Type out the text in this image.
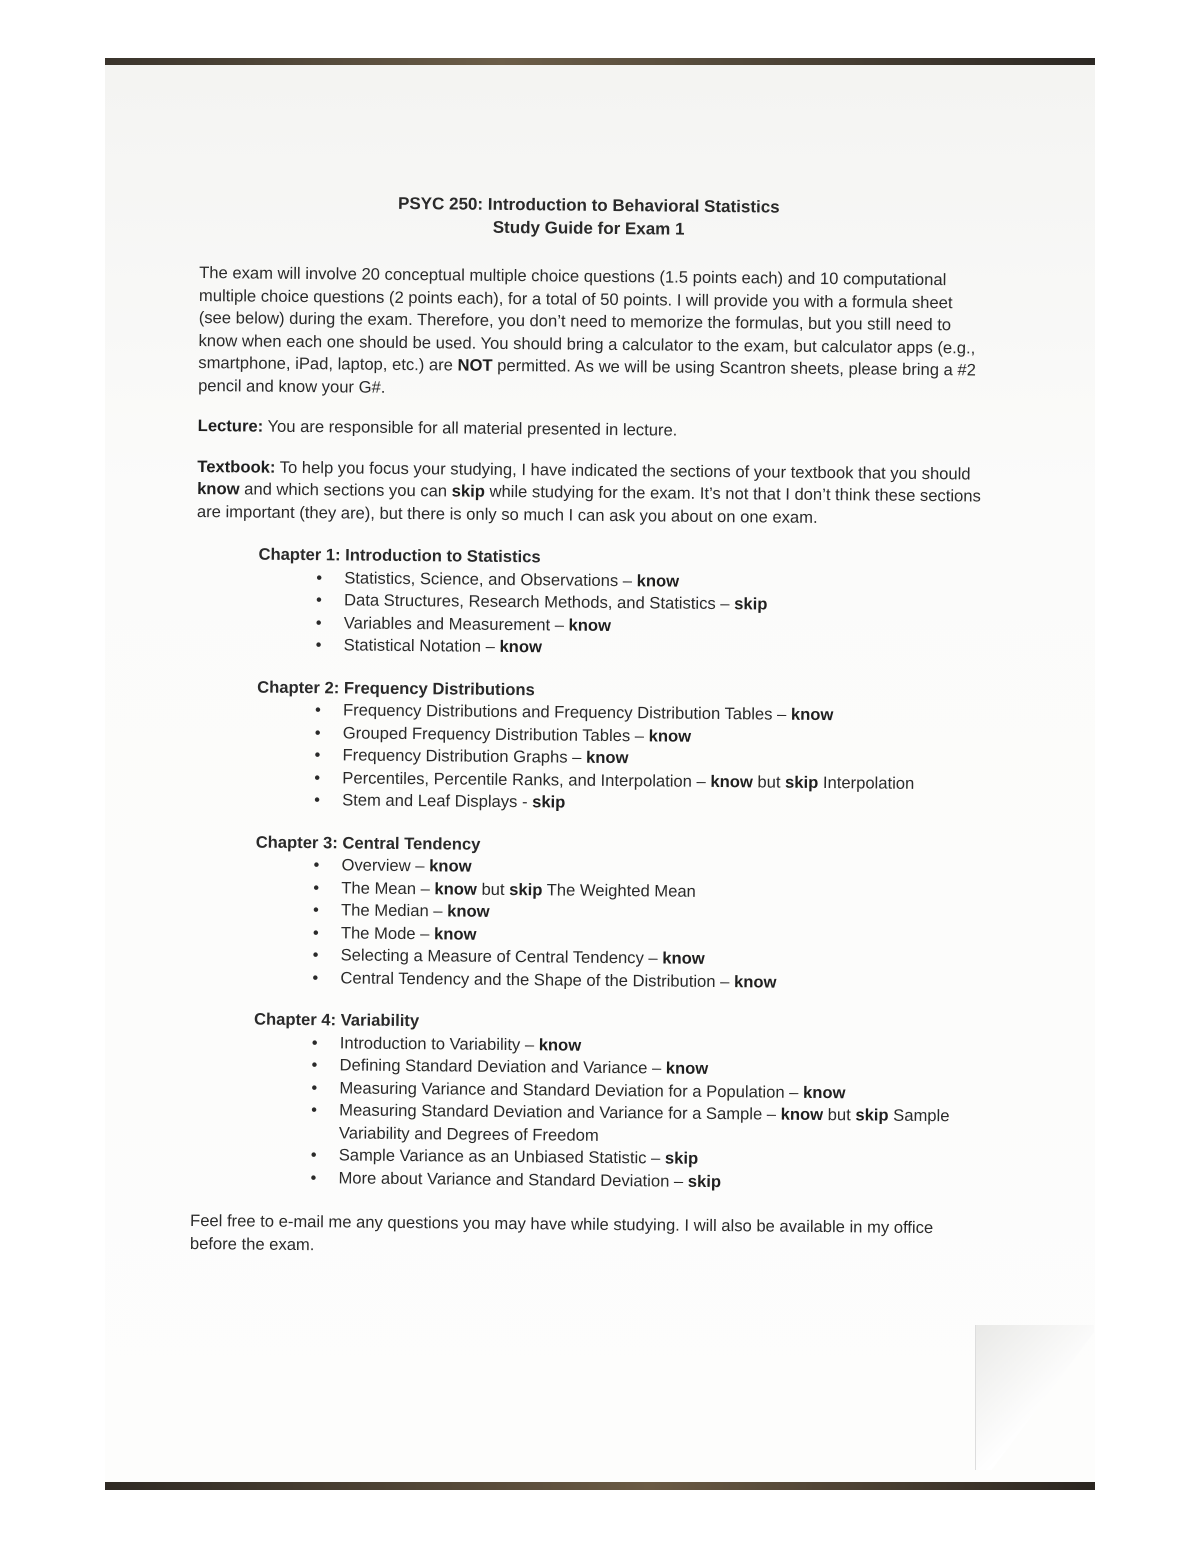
PSYC 250: Introduction to Behavioral Statistics
Study Guide for Exam 1

The exam will involve 20 conceptual multiple choice questions (1.5 points each) and 10 computational multiple choice questions (2 points each), for a total of 50 points. I will provide you with a formula sheet (see below) during the exam. Therefore, you don’t need to memorize the formulas, but you still need to know when each one should be used. You should bring a calculator to the exam, but calculator apps (e.g., smartphone, iPad, laptop, etc.) are NOT permitted. As we will be using Scantron sheets, please bring a #2 pencil and know your G#.

Lecture: You are responsible for all material presented in lecture.

Textbook: To help you focus your studying, I have indicated the sections of your textbook that you should know and which sections you can skip while studying for the exam. It’s not that I don’t think these sections are important (they are), but there is only so much I can ask you about on one exam.

Chapter 1: Introduction to Statistics
• Statistics, Science, and Observations – know
• Data Structures, Research Methods, and Statistics – skip
• Variables and Measurement – know
• Statistical Notation – know
Chapter 2: Frequency Distributions
• Frequency Distributions and Frequency Distribution Tables – know
• Grouped Frequency Distribution Tables – know
• Frequency Distribution Graphs – know
• Percentiles, Percentile Ranks, and Interpolation – know but skip Interpolation
• Stem and Leaf Displays - skip
Chapter 3: Central Tendency
• Overview – know
• The Mean – know but skip The Weighted Mean
• The Median – know
• The Mode – know
• Selecting a Measure of Central Tendency – know
• Central Tendency and the Shape of the Distribution – know
Chapter 4: Variability
• Introduction to Variability – know
• Defining Standard Deviation and Variance – know
• Measuring Variance and Standard Deviation for a Population – know
• Measuring Standard Deviation and Variance for a Sample – know but skip Sample Variability and Degrees of Freedom
• Sample Variance as an Unbiased Statistic – skip
• More about Variance and Standard Deviation – skip

Feel free to e-mail me any questions you may have while studying. I will also be available in my office before the exam.
